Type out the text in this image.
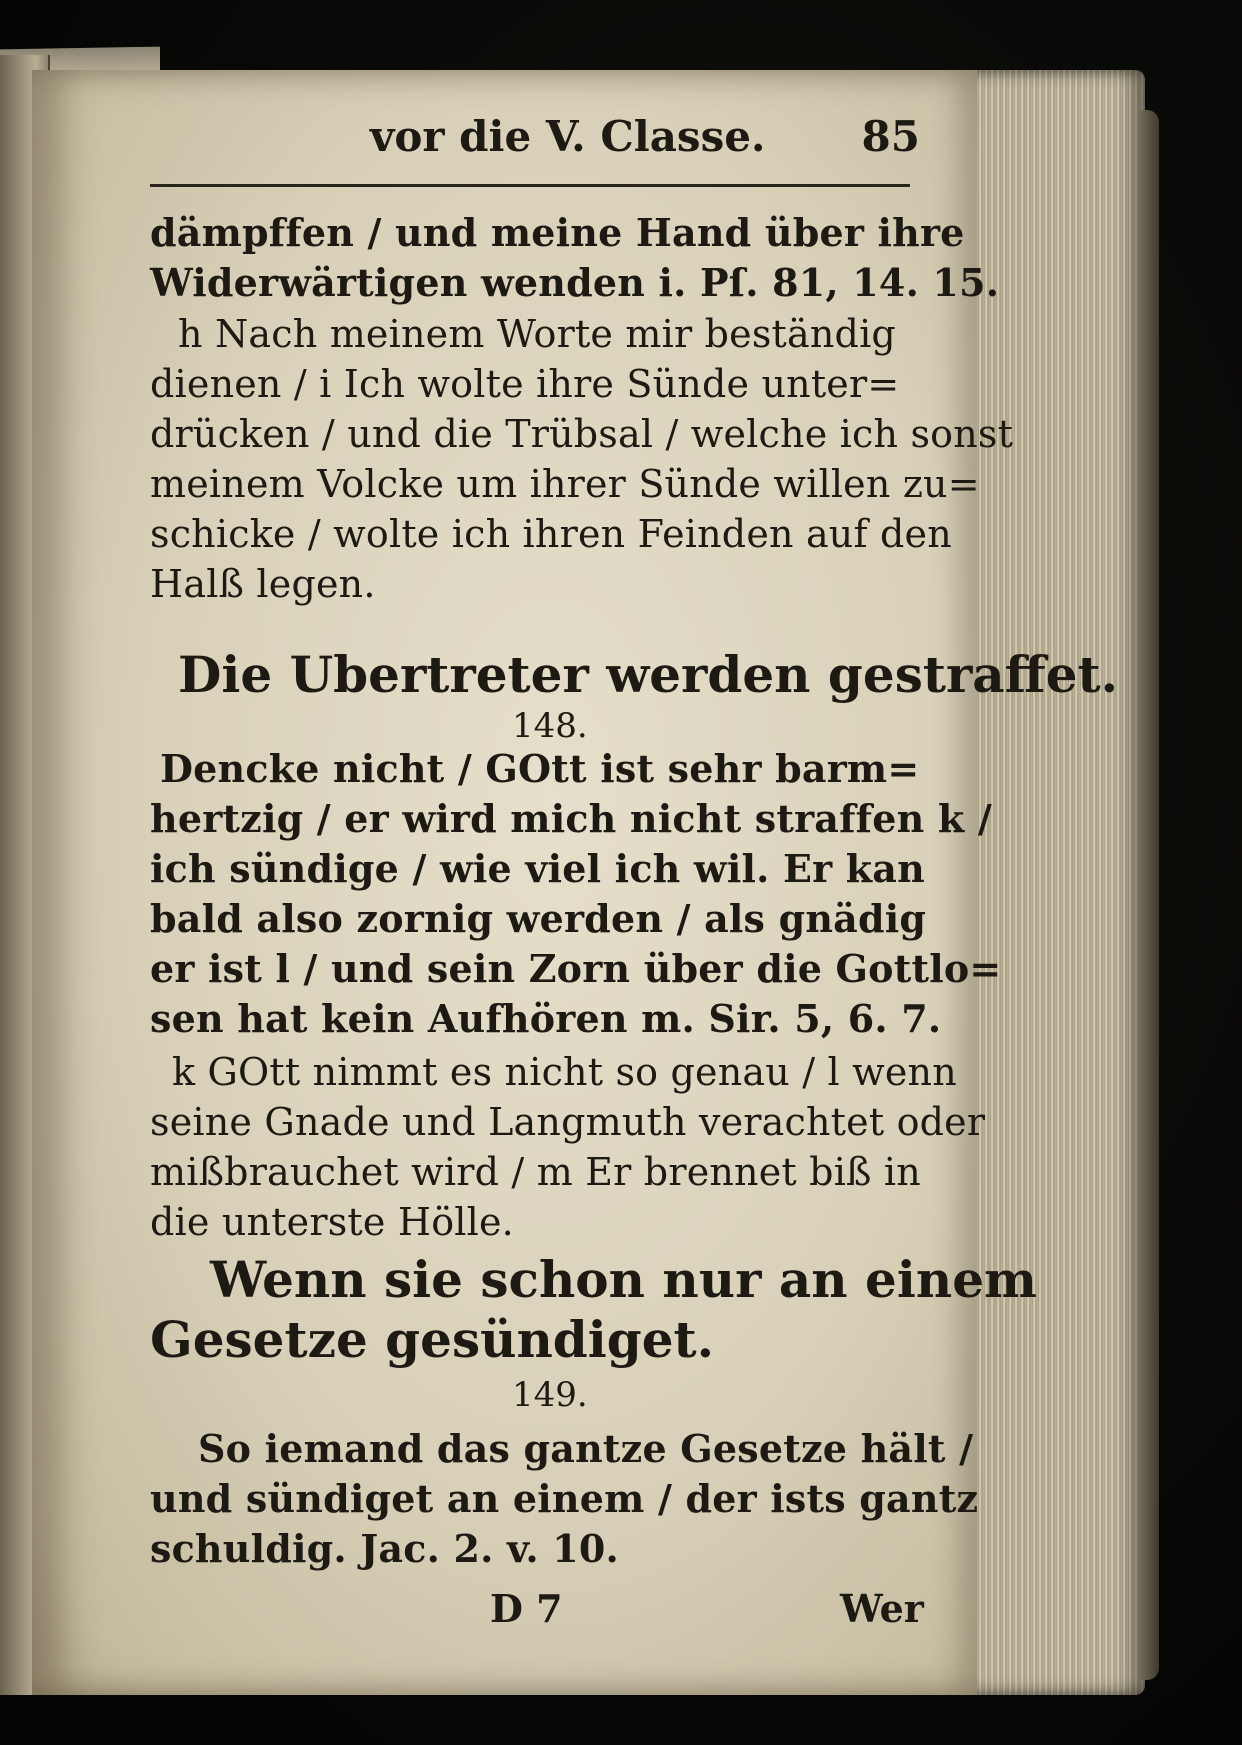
vor die V. Classe. 85
dämpffen / und meine Hand über ihre
Widerwärtigen wenden i. Pſ. 81, 14. 15.
h Nach meinem Worte mir beständig
dienen / i Ich wolte ihre Sünde unter=
drücken / und die Trübsal / welche ich sonst
meinem Volcke um ihrer Sünde willen zu=
schicke / wolte ich ihren Feinden auf den
Halß legen.
Die Ubertreter werden gestraffet.
148.
Dencke nicht / GOtt ist sehr barm=
hertzig / er wird mich nicht straffen k /
ich sündige / wie viel ich wil. Er kan
bald also zornig werden / als gnädig
er ist l / und sein Zorn über die Gottlo=
sen hat kein Aufhören m. Sir. 5, 6. 7.
k GOtt nimmt es nicht so genau / l wenn
seine Gnade und Langmuth verachtet oder
mißbrauchet wird / m Er brennet biß in
die unterste Hölle.
Wenn sie schon nur an einem
Gesetze gesündiget.
149.
So iemand das gantze Gesetze hält /
und sündiget an einem / der ists gantz
schuldig. Jac. 2. v. 10.
D 7	Wer
